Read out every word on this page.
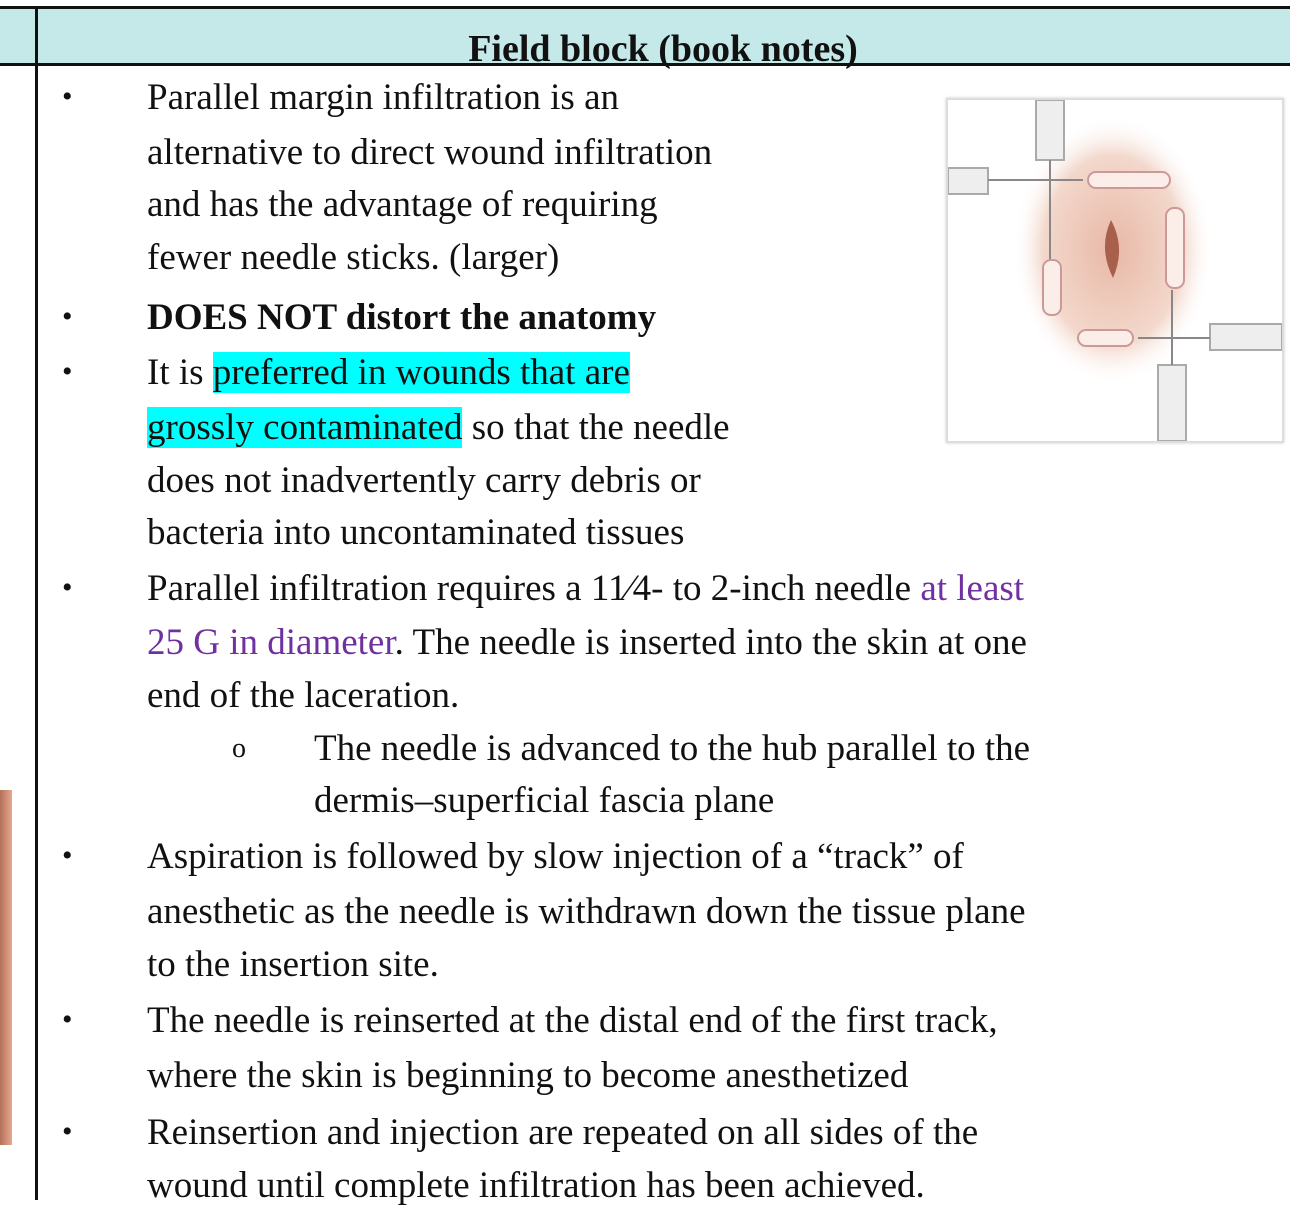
Field block (book notes)
• Parallel margin infiltration is an
alternative to direct wound infiltration
and has the advantage of requiring
fewer needle sticks. (larger)
• DOES NOT distort the anatomy
• It is preferred in wounds that are
grossly contaminated so that the needle
does not inadvertently carry debris or
bacteria into uncontaminated tissues
• Parallel infiltration requires a 11⁄4- to 2-inch needle at least
25 G in diameter. The needle is inserted into the skin at one
end of the laceration.
o The needle is advanced to the hub parallel to the
dermis–superficial fascia plane
• Aspiration is followed by slow injection of a “track” of
anesthetic as the needle is withdrawn down the tissue plane
to the insertion site.
• The needle is reinserted at the distal end of the first track,
where the skin is beginning to become anesthetized
• Reinsertion and injection are repeated on all sides of the
wound until complete infiltration has been achieved.
